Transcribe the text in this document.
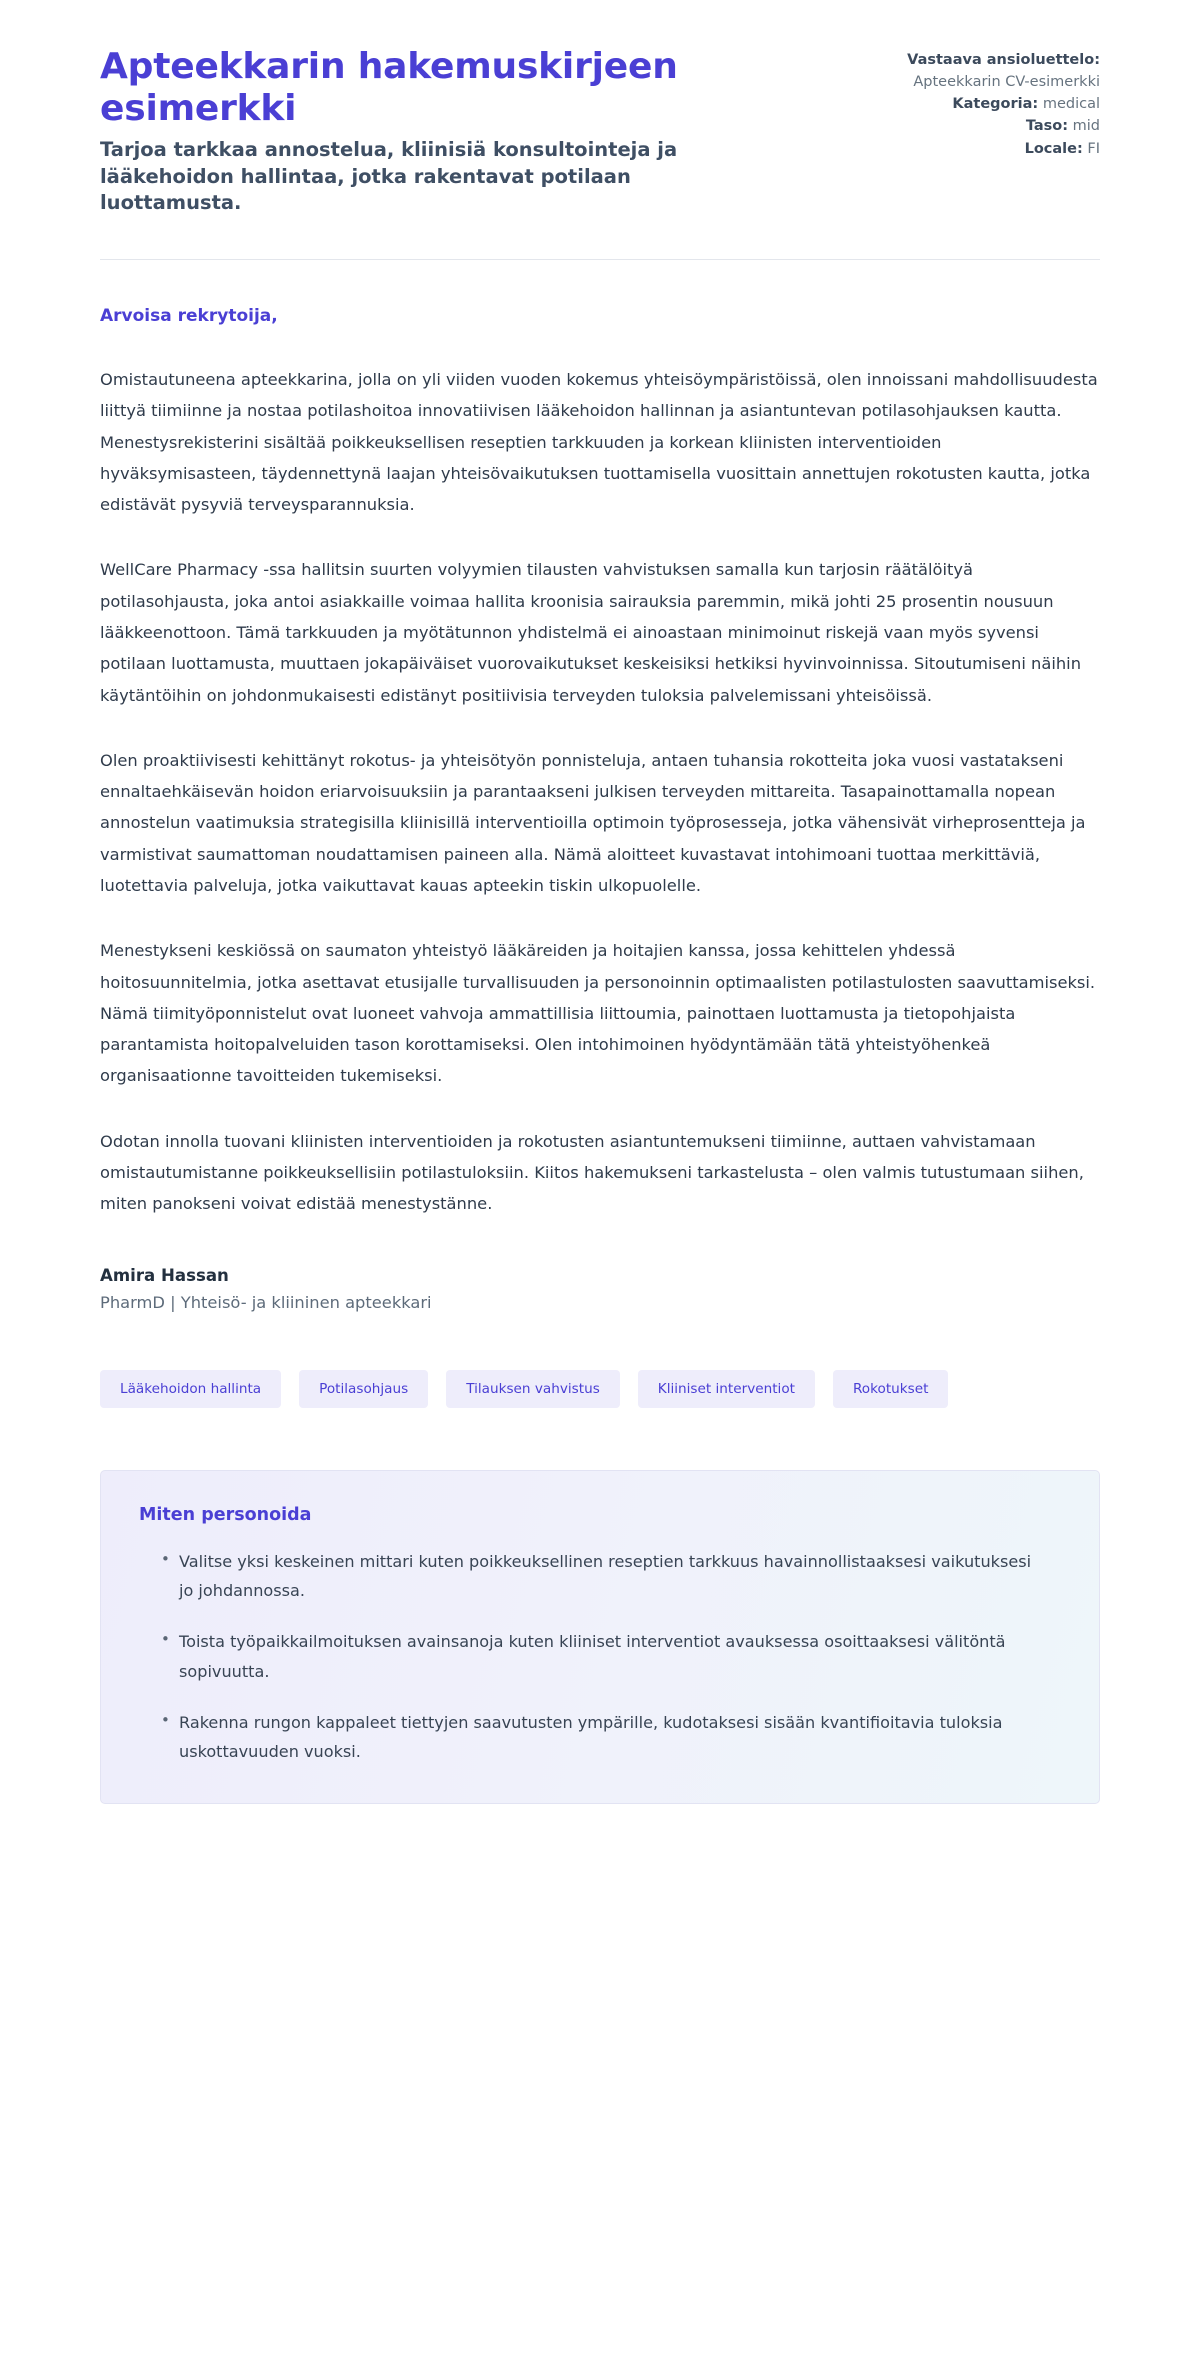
Apteekkarin hakemuskirjeen esimerkki

Tarjoa tarkkaa annostelua, kliinisiä konsultointeja ja lääkehoidon hallintaa, jotka rakentavat potilaan luottamusta.

Vastaava ansioluettelo:
Apteekkarin CV-esimerkki
Kategoria: medical
Taso: mid
Locale: FI

Arvoisa rekrytoija,

Omistautuneena apteekkarina, jolla on yli viiden vuoden kokemus yhteisöympäristöissä, olen innoissani mahdollisuudesta liittyä tiimiinne ja nostaa potilashoitoa innovatiivisen lääkehoidon hallinnan ja asiantuntevan potilasohjauksen kautta. Menestysrekisterini sisältää poikkeuksellisen reseptien tarkkuuden ja korkean kliinisten interventioiden hyväksymisasteen, täydennettynä laajan yhteisövaikutuksen tuottamisella vuosittain annettujen rokotusten kautta, jotka edistävät pysyviä terveysparannuksia.

WellCare Pharmacy -ssa hallitsin suurten volyymien tilausten vahvistuksen samalla kun tarjosin räätälöityä potilasohjausta, joka antoi asiakkaille voimaa hallita kroonisia sairauksia paremmin, mikä johti 25 prosentin nousuun lääkkeenottoon. Tämä tarkkuuden ja myötätunnon yhdistelmä ei ainoastaan minimoinut riskejä vaan myös syvensi potilaan luottamusta, muuttaen jokapäiväiset vuorovaikutukset keskeisiksi hetkiksi hyvinvoinnissa. Sitoutumiseni näihin käytäntöihin on johdonmukaisesti edistänyt positiivisia terveyden tuloksia palvelemissani yhteisöissä.

Olen proaktiivisesti kehittänyt rokotus- ja yhteisötyön ponnisteluja, antaen tuhansia rokotteita joka vuosi vastatakseni ennaltaehkäisevän hoidon eriarvoisuuksiin ja parantaakseni julkisen terveyden mittareita. Tasapainottamalla nopean annostelun vaatimuksia strategisilla kliinisillä interventioilla optimoin työprosesseja, jotka vähensivät virheprosentteja ja varmistivat saumattoman noudattamisen paineen alla. Nämä aloitteet kuvastavat intohimoani tuottaa merkittäviä, luotettavia palveluja, jotka vaikuttavat kauas apteekin tiskin ulkopuolelle.

Menestykseni keskiössä on saumaton yhteistyö lääkäreiden ja hoitajien kanssa, jossa kehittelen yhdessä hoitosuunnitelmia, jotka asettavat etusijalle turvallisuuden ja personoinnin optimaalisten potilastulosten saavuttamiseksi. Nämä tiimityöponnistelut ovat luoneet vahvoja ammattillisia liittoumia, painottaen luottamusta ja tietopohjaista parantamista hoitopalveluiden tason korottamiseksi. Olen intohimoinen hyödyntämään tätä yhteistyöhenkeä organisaationne tavoitteiden tukemiseksi.

Odotan innolla tuovani kliinisten interventioiden ja rokotusten asiantuntemukseni tiimiinne, auttaen vahvistamaan omistautumistanne poikkeuksellisiin potilastuloksiin. Kiitos hakemukseni tarkastelusta – olen valmis tutustumaan siihen, miten panokseni voivat edistää menestystänne.

Amira Hassan

PharmD | Yhteisö- ja kliininen apteekkari

Lääkehoidon hallinta	Potilasohjaus	Tilauksen vahvistus	Kliiniset interventiot	Rokotukset
Miten personoida
• Valitse yksi keskeinen mittari kuten poikkeuksellinen reseptien tarkkuus havainnollistaaksesi vaikutuksesi jo johdannossa.
• Toista työpaikkailmoituksen avainsanoja kuten kliiniset interventiot avauksessa osoittaaksesi välitöntä sopivuutta.
• Rakenna rungon kappaleet tiettyjen saavutusten ympärille, kudotaksesi sisään kvantifioitavia tuloksia uskottavuuden vuoksi.
